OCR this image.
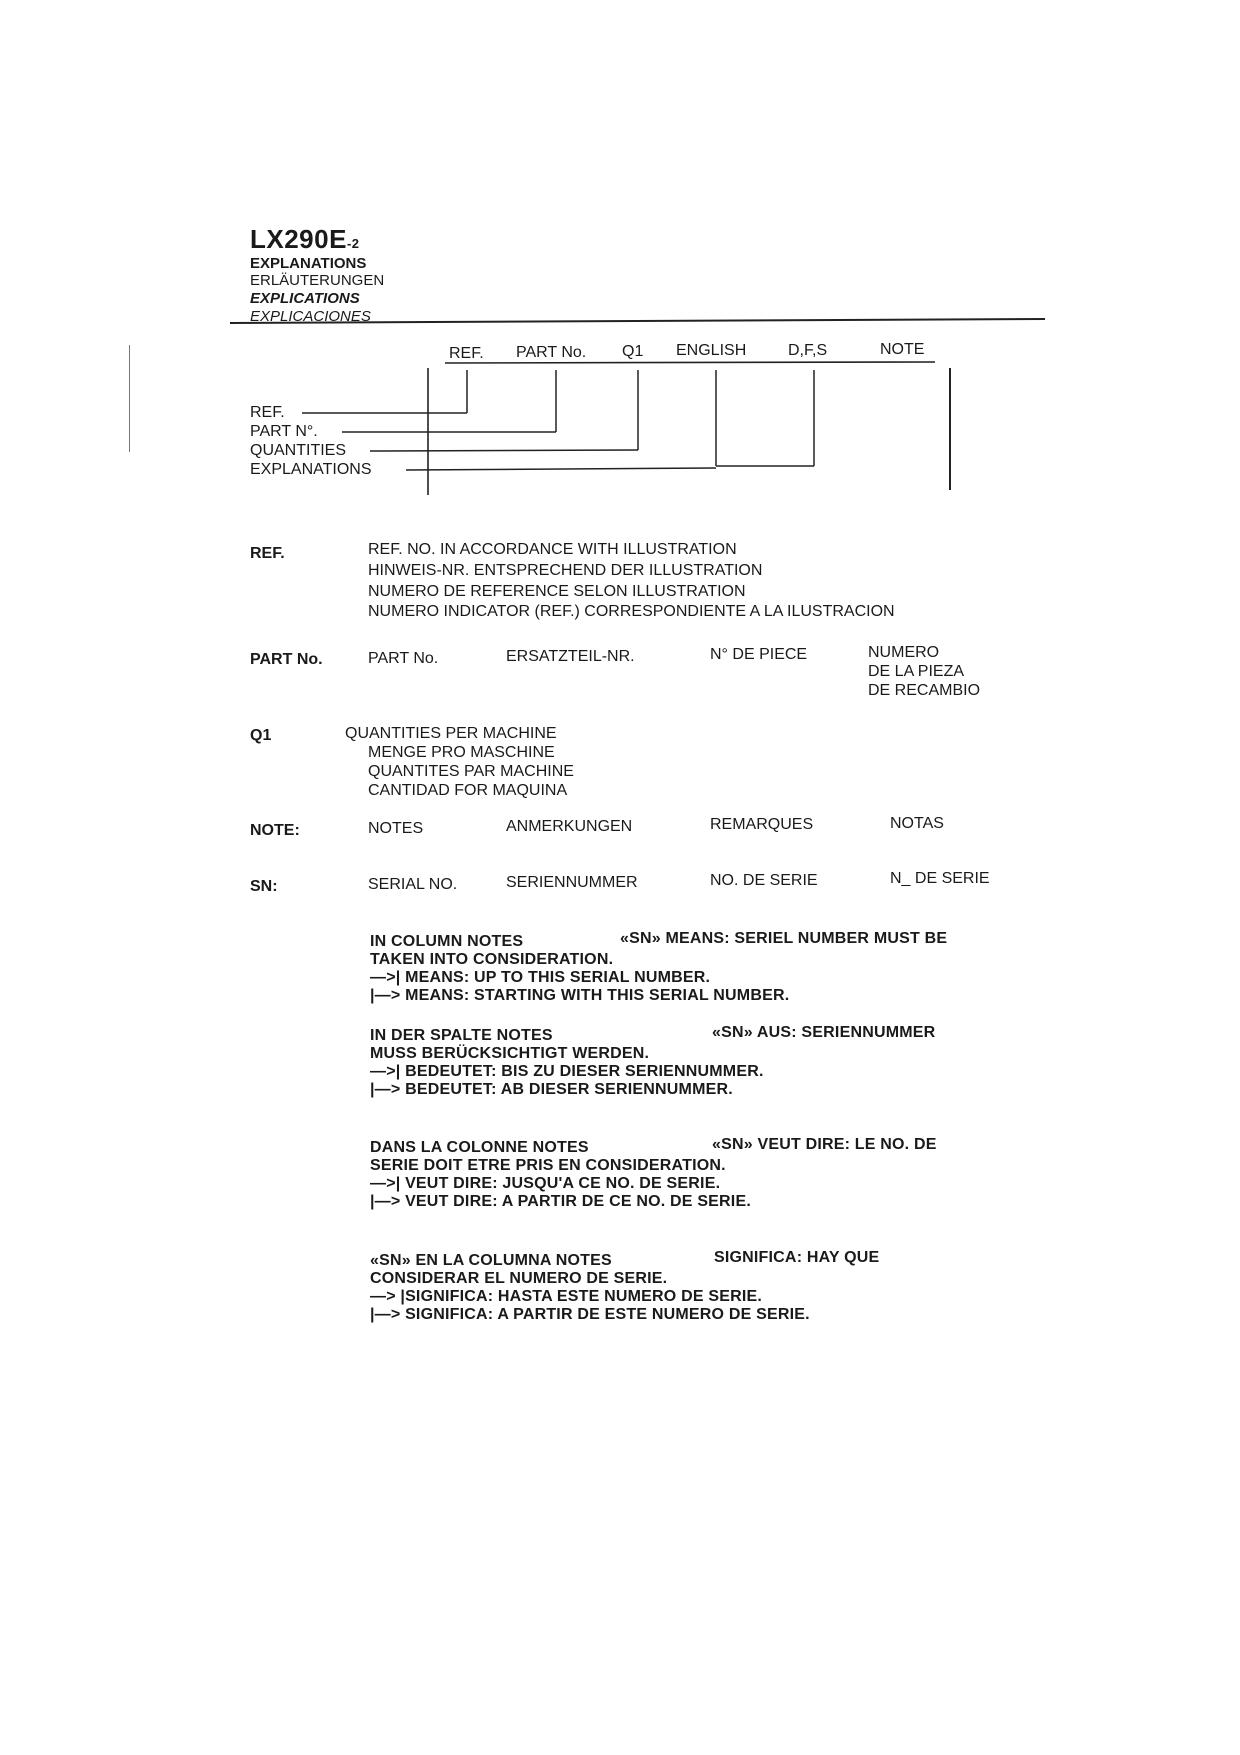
LX290E-2
EXPLANATIONS
ERLÄUTERUNGEN
EXPLICATIONS
EXPLICACIONES
REF. PART No. Q1 ENGLISH	D,F,S	NOTE
REF.
PART N°.
QUANTITIES
EXPLANATIONS
REF.	REF. NO. IN ACCORDANCE WITH ILLUSTRATION
HINWEIS-NR. ENTSPRECHEND DER ILLUSTRATION
NUMERO DE REFERENCE SELON ILLUSTRATION
NUMERO INDICATOR (REF.) CORRESPONDIENTE A LA ILUSTRACION
PART No.	PART No.	ERSATZTEIL-NR.	N° DE PIECE	NUMERO
DE LA PIEZA
DE RECAMBIO
Q1	QUANTITIES PER MACHINE
MENGE PRO MASCHINE
QUANTITES PAR MACHINE
CANTIDAD FOR MAQUINA
NOTE:	NOTES	ANMERKUNGEN	REMARQUES	NOTAS
SN:	SERIAL NO.	SERIENNUMMER	NO. DE SERIE	N_ DE SERIE
IN COLUMN NOTES	«SN» MEANS: SERIEL NUMBER MUST BE
TAKEN INTO CONSIDERATION.
—>| MEANS: UP TO THIS SERIAL NUMBER.
|—> MEANS: STARTING WITH THIS SERIAL NUMBER.
IN DER SPALTE NOTES	«SN» AUS: SERIENNUMMER
MUSS BERÜCKSICHTIGT WERDEN.
—>| BEDEUTET: BIS ZU DIESER SERIENNUMMER.
|—> BEDEUTET: AB DIESER SERIENNUMMER.
DANS LA COLONNE NOTES	«SN» VEUT DIRE: LE NO. DE
SERIE DOIT ETRE PRIS EN CONSIDERATION.
—>| VEUT DIRE: JUSQU'A CE NO. DE SERIE.
|—> VEUT DIRE: A PARTIR DE CE NO. DE SERIE.
«SN» EN LA COLUMNA NOTES	SIGNIFICA: HAY QUE
CONSIDERAR EL NUMERO DE SERIE.
—> |SIGNIFICA: HASTA ESTE NUMERO DE SERIE.
|—> SIGNIFICA: A PARTIR DE ESTE NUMERO DE SERIE.
